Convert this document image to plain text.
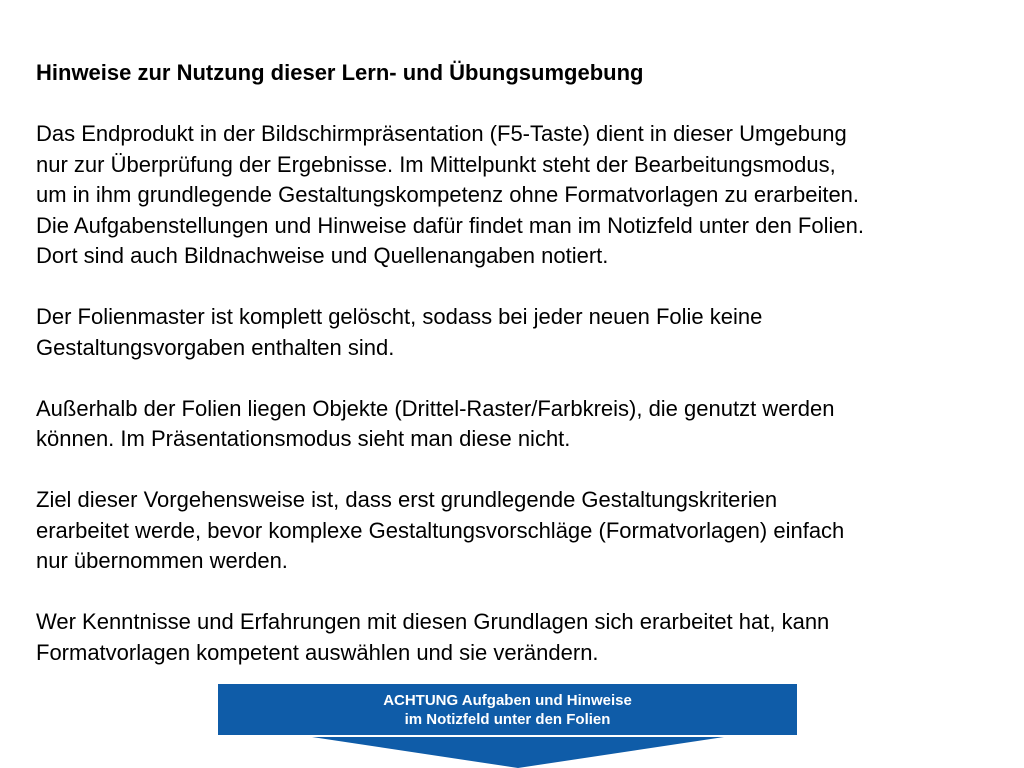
Hinweise zur Nutzung dieser Lern- und Übungsumgebung

Das Endprodukt in der Bildschirmpräsentation (F5-Taste) dient in dieser Umgebung
nur zur Überprüfung der Ergebnisse. Im Mittelpunkt steht der Bearbeitungsmodus,
um in ihm grundlegende Gestaltungskompetenz ohne Formatvorlagen zu erarbeiten.
Die Aufgabenstellungen und Hinweise dafür findet man im Notizfeld unter den Folien.
Dort sind auch Bildnachweise und Quellenangaben notiert.

Der Folienmaster ist komplett gelöscht, sodass bei jeder neuen Folie keine
Gestaltungsvorgaben enthalten sind.

Außerhalb der Folien liegen Objekte (Drittel-Raster/Farbkreis), die genutzt werden
können. Im Präsentationsmodus sieht man diese nicht.

Ziel dieser Vorgehensweise ist, dass erst grundlegende Gestaltungskriterien
erarbeitet werde, bevor komplexe Gestaltungsvorschläge (Formatvorlagen) einfach
nur übernommen werden.

Wer Kenntnisse und Erfahrungen mit diesen Grundlagen sich erarbeitet hat, kann
Formatvorlagen kompetent auswählen und sie verändern.

ACHTUNG Aufgaben und Hinweise
im Notizfeld unter den Folien
